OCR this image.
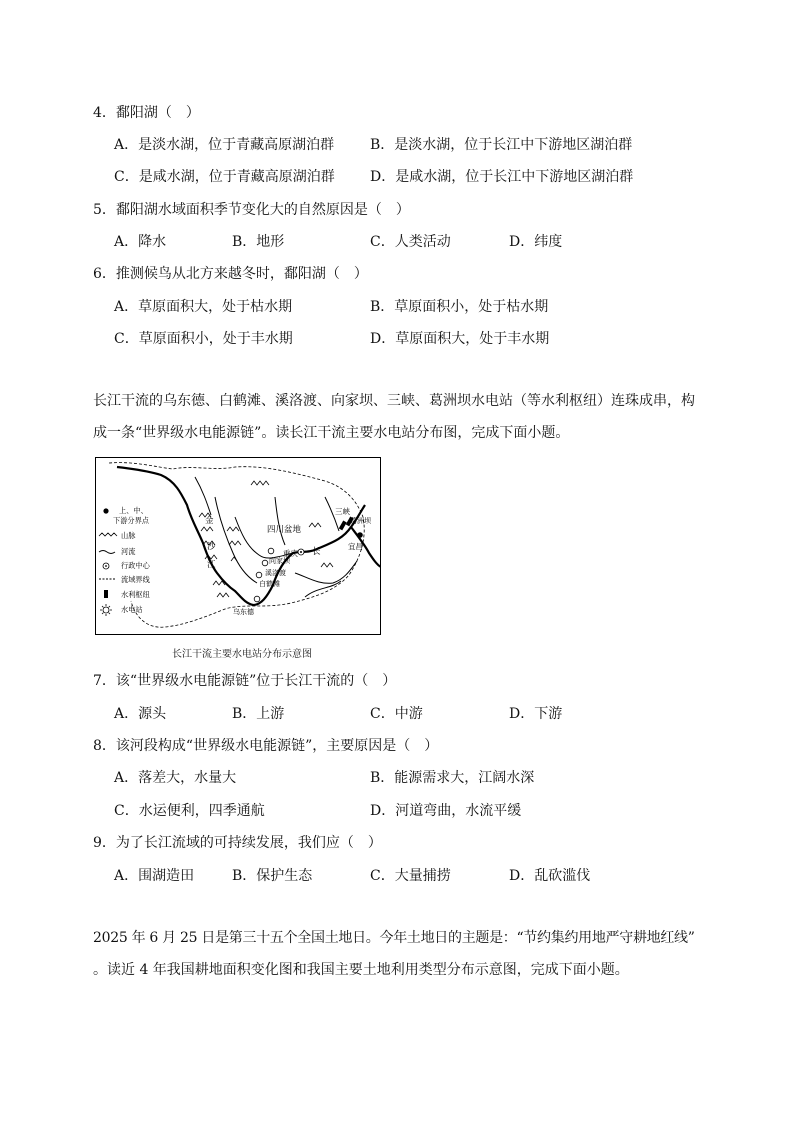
4．鄱阳湖（　）
A．是淡水湖，位于青藏高原湖泊群	B．是淡水湖，位于长江中下游地区湖泊群
C．是咸水湖，位于青藏高原湖泊群	D．是咸水湖，位于长江中下游地区湖泊群
5．鄱阳湖水域面积季节变化大的自然原因是（　）
A．降水	B．地形	C．人类活动	D．纬度
6．推测候鸟从北方来越冬时，鄱阳湖（　）
A．草原面积大，处于枯水期	B．草原面积小，处于枯水期
C．草原面积小，处于丰水期	D．草原面积大，处于丰水期

长江干流的乌东德、白鹤滩、溪洛渡、向家坝、三峡、葛洲坝水电站（等水利枢纽）连珠成串，构

成一条“世界级水电能源链”。读长江干流主要水电站分布图，完成下面小题。

上、中、
下游分界点
山脉
河流
行政中心
流域界线
水利枢纽
水电站
金
沙
江
四川盆地
重庆 长
向家坝
溪洛渡
白鹤滩
乌东德
三峡
葛洲坝
宜昌
长江干流主要水电站分布示意图
7．该“世界级水电能源链”位于长江干流的（　）
A．源头	B．上游	C．中游	D．下游
8．该河段构成“世界级水电能源链”，主要原因是（　）
A．落差大，水量大	B．能源需求大，江阔水深
C．水运便利，四季通航	D．河道弯曲，水流平缓
9．为了长江流域的可持续发展，我们应（　）
A．围湖造田	B．保护生态	C．大量捕捞	D．乱砍滥伐

2025 年 6 月 25 日是第三十五个全国土地日。今年土地日的主题是：“节约集约用地严守耕地红线”

。读近 4 年我国耕地面积变化图和我国主要土地利用类型分布示意图，完成下面小题。
